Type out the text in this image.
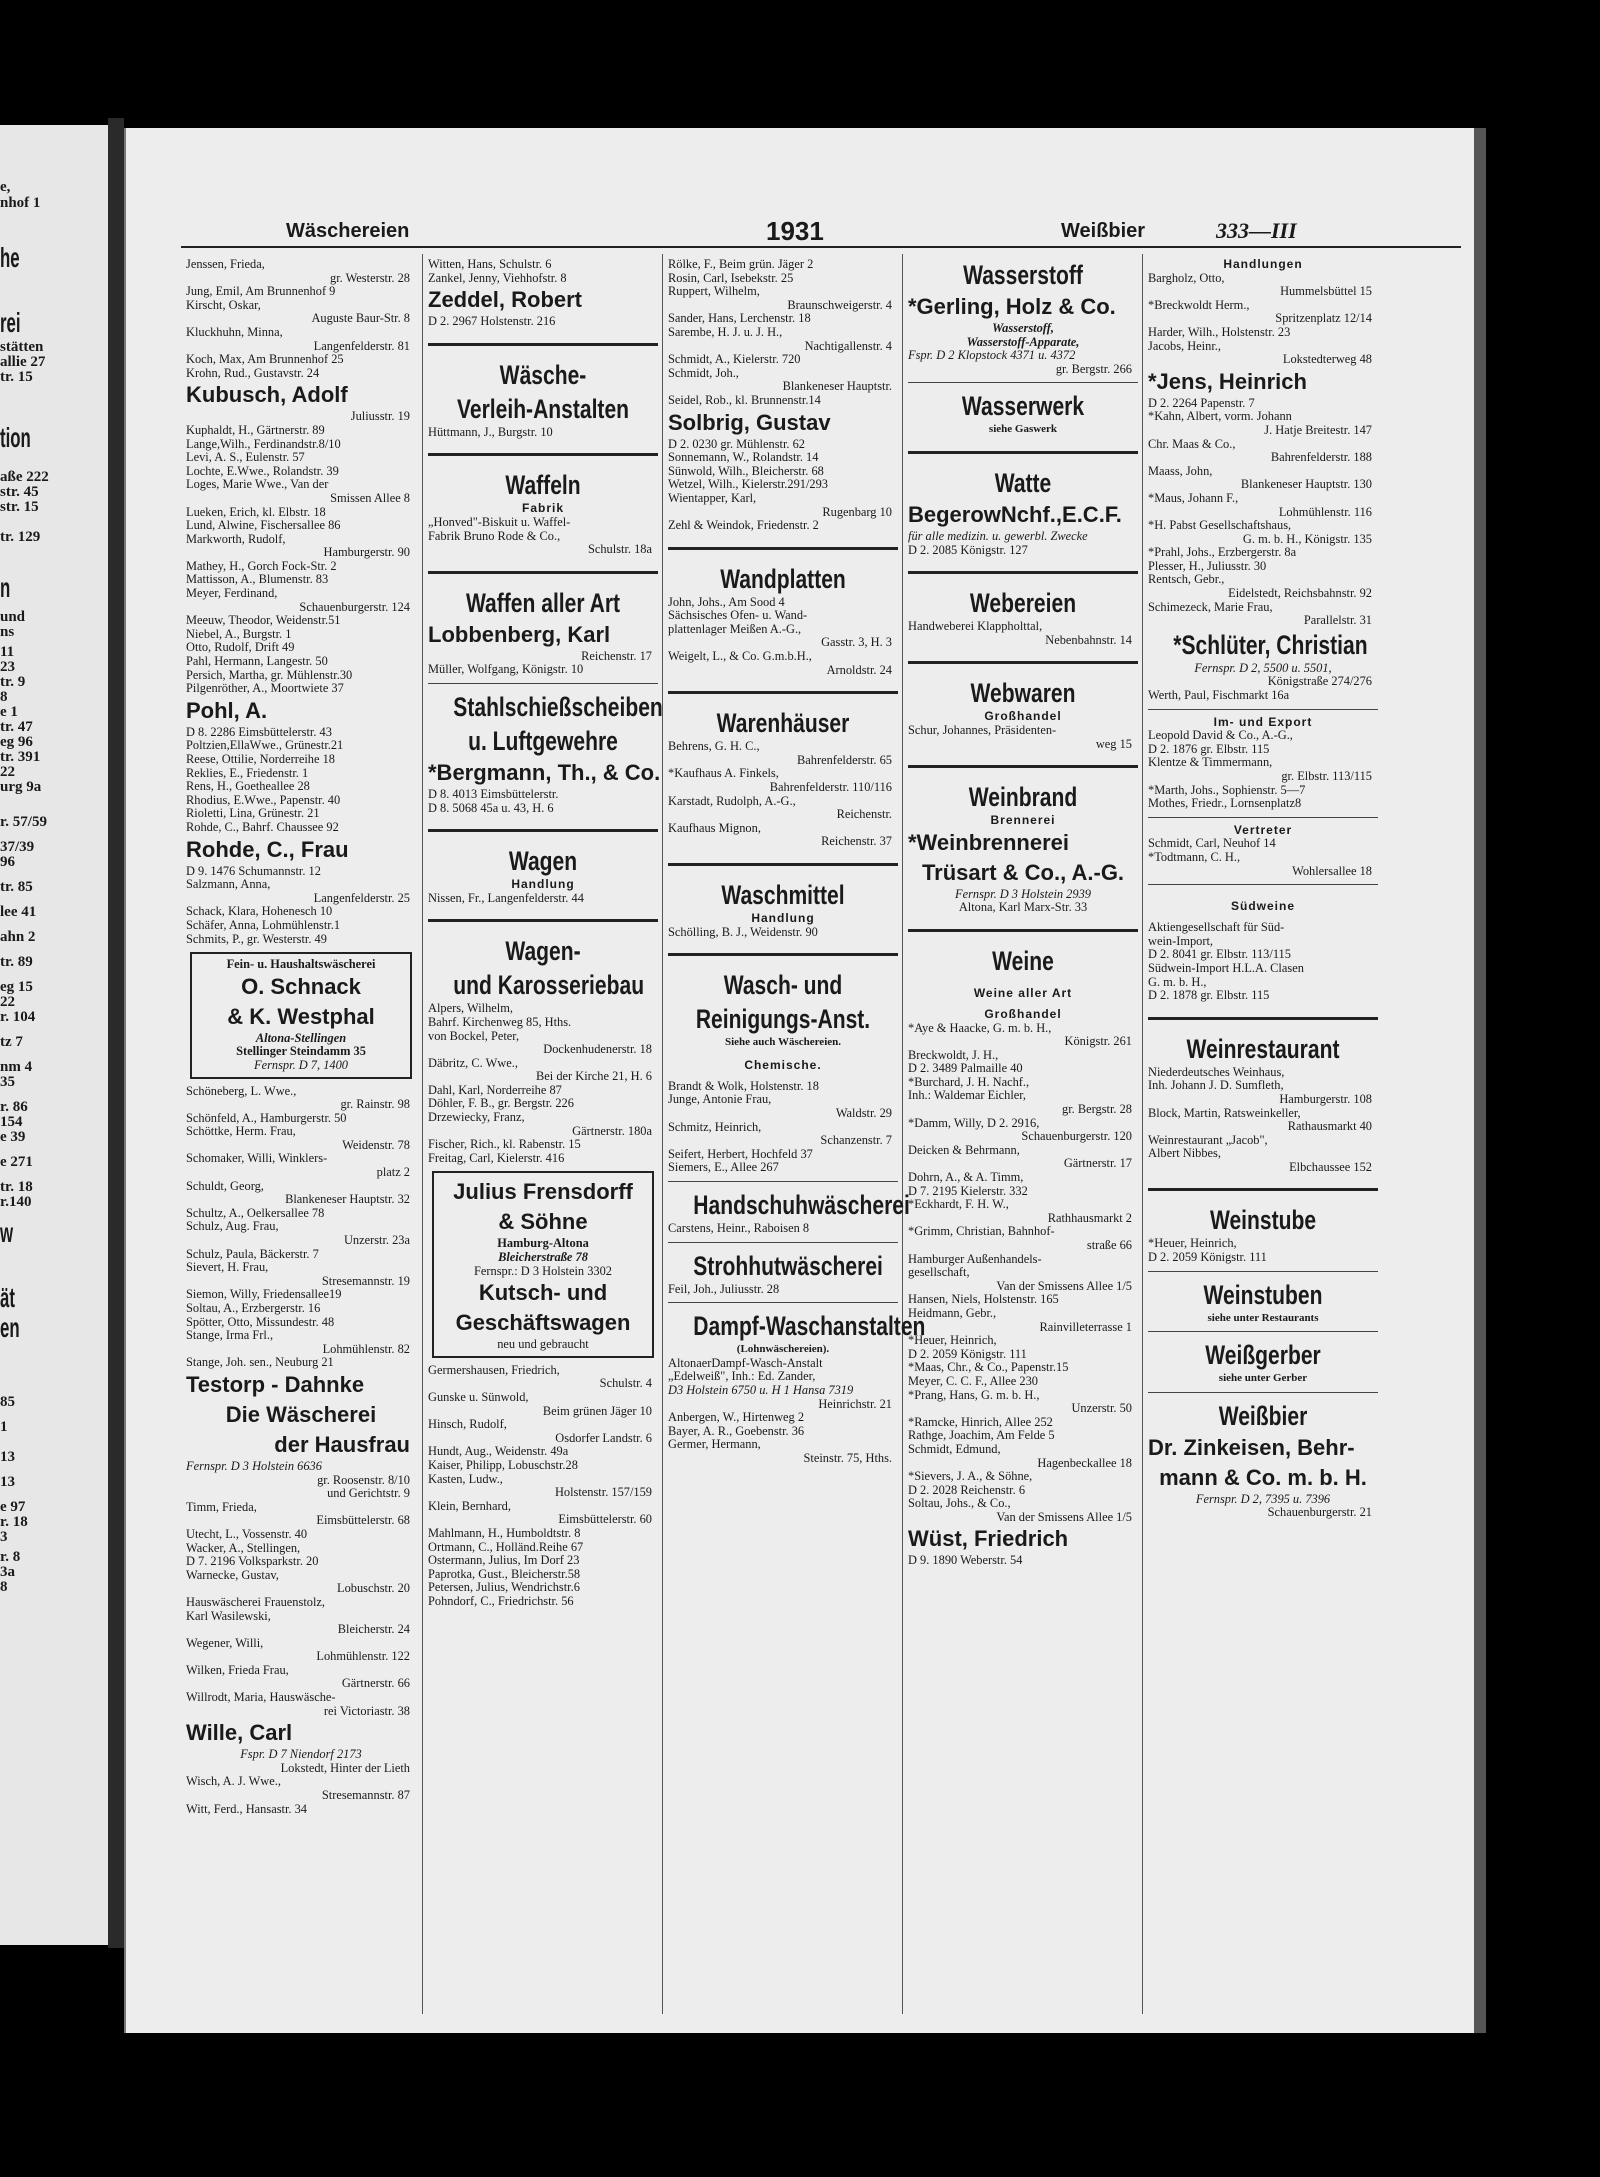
e,
nhof 1
he
rei
stätten
allie 27
tr. 15
tion
aße 222
str. 45
str. 15
tr. 129
n
und
ns
11
23
tr. 9
8
e 1
tr. 47
eg 96
tr. 391
22
urg 9a
r. 57/59
37/39
96
tr. 85
lee 41
ahn 2
tr. 89
eg 15
22
r. 104
tz 7
nm 4
35
r. 86
154
e 39
e 271
tr. 18
r.140
w
ät
en
85
1
13
13
e 97
r. 18
3
r. 8
3a
8
Wäschereien	1931	Weißbier	333—III
Jenssen, Frieda,
gr. Westerstr. 28
Jung, Emil, Am Brunnenhof 9
Kirscht, Oskar,
Auguste Baur-Str. 8
Kluckhuhn, Minna,
Langenfelderstr. 81
Koch, Max, Am Brunnenhof 25
Krohn, Rud., Gustavstr. 24
Kubusch, Adolf
Juliusstr. 19
Kuphaldt, H., Gärtnerstr. 89
Lange,Wilh., Ferdinandstr.8/10
Levi, A. S., Eulenstr. 57
Lochte, E.Wwe., Rolandstr. 39
Loges, Marie Wwe., Van der
Smissen Allee 8
Lueken, Erich, kl. Elbstr. 18
Lund, Alwine, Fischersallee 86
Markworth, Rudolf,
Hamburgerstr. 90
Mathey, H., Gorch Fock-Str. 2
Mattisson, A., Blumenstr. 83
Meyer, Ferdinand,
Schauenburgerstr. 124
Meeuw, Theodor, Weidenstr.51
Niebel, A., Burgstr. 1
Otto, Rudolf, Drift 49
Pahl, Hermann, Langestr. 50
Persich, Martha, gr. Mühlenstr.30
Pilgenröther, A., Moortwiete 37
Pohl, A.
D 8. 2286 Eimsbüttelerstr. 43
Poltzien,EllaWwe., Grünestr.21
Reese, Ottilie, Norderreihe 18
Reklies, E., Friedenstr. 1
Rens, H., Goetheallee 28
Rhodius, E.Wwe., Papenstr. 40
Rioletti, Lina, Grünestr. 21
Rohde, C., Bahrf. Chaussee 92
Rohde, C., Frau
D 9. 1476 Schumannstr. 12
Salzmann, Anna,
Langenfelderstr. 25
Schack, Klara, Hohenesch 10
Schäfer, Anna, Lohmühlenstr.1
Schmits, P., gr. Westerstr. 49
Fein- u. Haushaltswäscherei
O. Schnack
& K. Westphal
Altona-Stellingen
Stellinger Steindamm 35
Fernspr. D 7, 1400
Schöneberg, L. Wwe.,
gr. Rainstr. 98
Schönfeld, A., Hamburgerstr. 50
Schöttke, Herm. Frau,
Weidenstr. 78
Schomaker, Willi, Winklers-
platz 2
Schuldt, Georg,
Blankeneser Hauptstr. 32
Schultz, A., Oelkersallee 78
Schulz, Aug. Frau,
Unzerstr. 23a
Schulz, Paula, Bäckerstr. 7
Sievert, H. Frau,
Stresemannstr. 19
Siemon, Willy, Friedensallee19
Soltau, A., Erzbergerstr. 16
Spötter, Otto, Missundestr. 48
Stange, Irma Frl.,
Lohmühlenstr. 82
Stange, Joh. sen., Neuburg 21
Testorp - Dahnke
Die Wäscherei
der Hausfrau
Fernspr. D 3 Holstein 6636
gr. Roosenstr. 8/10
und Gerichtstr. 9
Timm, Frieda,
Eimsbüttelerstr. 68
Utecht, L., Vossenstr. 40
Wacker, A., Stellingen,
D 7. 2196 Volksparkstr. 20
Warnecke, Gustav,
Lobuschstr. 20
Hauswäscherei Frauenstolz,
Karl Wasilewski,
Bleicherstr. 24
Wegener, Willi,
Lohmühlenstr. 122
Wilken, Frieda Frau,
Gärtnerstr. 66
Willrodt, Maria, Hauswäsche-
rei Victoriastr. 38
Wille, Carl
Fspr. D 7 Niendorf 2173
Lokstedt, Hinter der Lieth
Wisch, A. J. Wwe.,
Stresemannstr. 87
Witt, Ferd., Hansastr. 34
Witten, Hans, Schulstr. 6
Zankel, Jenny, Viehhofstr. 8
Zeddel, Robert
D 2. 2967 Holstenstr. 216
Wäsche-
Verleih-Anstalten
Hüttmann, J., Burgstr. 10
Waffeln
Fabrik
„Honved"-Biskuit u. Waffel-
Fabrik Bruno Rode & Co.,
Schulstr. 18a
Waffen aller Art
Lobbenberg, Karl
Reichenstr. 17
Müller, Wolfgang, Königstr. 10
Stahlschießscheiben
u. Luftgewehre
*Bergmann, Th., & Co.
D 8. 4013 Eimsbüttelerstr.
D 8. 5068 45a u. 43, H. 6
Wagen
Handlung
Nissen, Fr., Langenfelderstr. 44
Wagen-
und Karosseriebau
Alpers, Wilhelm,
Bahrf. Kirchenweg 85, Hths.
von Bockel, Peter,
Dockenhudenerstr. 18
Däbritz, C. Wwe.,
Bei der Kirche 21, H. 6
Dahl, Karl, Norderreihe 87
Döhler, F. B., gr. Bergstr. 226
Drzewiecky, Franz,
Gärtnerstr. 180a
Fischer, Rich., kl. Rabenstr. 15
Freitag, Carl, Kielerstr. 416
Julius Frensdorff
& Söhne
Hamburg-Altona
Bleicherstraße 78
Fernspr.: D 3 Holstein 3302
Kutsch- und
Geschäftswagen
neu und gebraucht
Germershausen, Friedrich,
Schulstr. 4
Gunske u. Sünwold,
Beim grünen Jäger 10
Hinsch, Rudolf,
Osdorfer Landstr. 6
Hundt, Aug., Weidenstr. 49a
Kaiser, Philipp, Lobuschstr.28
Kasten, Ludw.,
Holstenstr. 157/159
Klein, Bernhard,
Eimsbüttelerstr. 60
Mahlmann, H., Humboldtstr. 8
Ortmann, C., Holländ.Reihe 67
Ostermann, Julius, Im Dorf 23
Paprotka, Gust., Bleicherstr.58
Petersen, Julius, Wendrichstr.6
Pohndorf, C., Friedrichstr. 56
Rölke, F., Beim grün. Jäger 2
Rosin, Carl, Isebekstr. 25
Ruppert, Wilhelm,
Braunschweigerstr. 4
Sander, Hans, Lerchenstr. 18
Sarembe, H. J. u. J. H.,
Nachtigallenstr. 4
Schmidt, A., Kielerstr. 720
Schmidt, Joh.,
Blankeneser Hauptstr.
Seidel, Rob., kl. Brunnenstr.14
Solbrig, Gustav
D 2. 0230 gr. Mühlenstr. 62
Sonnemann, W., Rolandstr. 14
Sünwold, Wilh., Bleicherstr. 68
Wetzel, Wilh., Kielerstr.291/293
Wientapper, Karl,
Rugenbarg 10
Zehl & Weindok, Friedenstr. 2
Wandplatten
John, Johs., Am Sood 4
Sächsisches Ofen- u. Wand-
plattenlager Meißen A.-G.,
Gasstr. 3, H. 3
Weigelt, L., & Co. G.m.b.H.,
Arnoldstr. 24
Warenhäuser
Behrens, G. H. C.,
Bahrenfelderstr. 65
*Kaufhaus A. Finkels,
Bahrenfelderstr. 110/116
Karstadt, Rudolph, A.-G.,
Reichenstr.
Kaufhaus Mignon,
Reichenstr. 37
Waschmittel
Handlung
Schölling, B. J., Weidenstr. 90
Wasch- und
Reinigungs-Anst.
Siehe auch Wäschereien.
Chemische.
Brandt & Wolk, Holstenstr. 18
Junge, Antonie Frau,
Waldstr. 29
Schmitz, Heinrich,
Schanzenstr. 7
Seifert, Herbert, Hochfeld 37
Siemers, E., Allee 267
Handschuhwäscherei
Carstens, Heinr., Raboisen 8
Strohhutwäscherei
Feil, Joh., Juliusstr. 28
Dampf-Waschanstalten
(Lohnwäschereien).
AltonaerDampf-Wasch-Anstalt
„Edelweiß", Inh.: Ed. Zander,
D3 Holstein 6750 u. H 1 Hansa 7319
Heinrichstr. 21
Anbergen, W., Hirtenweg 2
Bayer, A. R., Goebenstr. 36
Germer, Hermann,
Steinstr. 75, Hths.
Wasserstoff
*Gerling, Holz & Co.
Wasserstoff,
Wasserstoff-Apparate,
Fspr. D 2 Klopstock 4371 u. 4372
gr. Bergstr. 266
Wasserwerk
siehe Gaswerk
Watte
BegerowNchf.,E.C.F.
für alle medizin. u. gewerbl. Zwecke
D 2. 2085 Königstr. 127
Webereien
Handweberei Klappholttal,
Nebenbahnstr. 14
Webwaren
Großhandel
Schur, Johannes, Präsidenten-
weg 15
Weinbrand
Brennerei
*Weinbrennerei
Trüsart & Co., A.-G.
Fernspr. D 3 Holstein 2939
Altona, Karl Marx-Str. 33
Weine
Weine aller Art
Großhandel
*Aye & Haacke, G. m. b. H.,
Königstr. 261
Breckwoldt, J. H.,
D 2. 3489 Palmaille 40
*Burchard, J. H. Nachf.,
Inh.: Waldemar Eichler,
gr. Bergstr. 28
*Damm, Willy, D 2. 2916,
Schauenburgerstr. 120
Deicken & Behrmann,
Gärtnerstr. 17
Dohrn, A., & A. Timm,
D 7. 2195 Kielerstr. 332
*Eckhardt, F. H. W.,
Rathhausmarkt 2
*Grimm, Christian, Bahnhof-
straße 66
Hamburger Außenhandels-
gesellschaft,
Van der Smissens Allee 1/5
Hansen, Niels, Holstenstr. 165
Heidmann, Gebr.,
Rainvilleterrasse 1
*Heuer, Heinrich,
D 2. 2059 Königstr. 111
*Maas, Chr., & Co., Papenstr.15
Meyer, C. C. F., Allee 230
*Prang, Hans, G. m. b. H.,
Unzerstr. 50
*Ramcke, Hinrich, Allee 252
Rathge, Joachim, Am Felde 5
Schmidt, Edmund,
Hagenbeckallee 18
*Sievers, J. A., & Söhne,
D 2. 2028 Reichenstr. 6
Soltau, Johs., & Co.,
Van der Smissens Allee 1/5
Wüst, Friedrich
D 9. 1890 Weberstr. 54
Handlungen
Bargholz, Otto,
Hummelsbüttel 15
*Breckwoldt Herm.,
Spritzenplatz 12/14
Harder, Wilh., Holstenstr. 23
Jacobs, Heinr.,
Lokstedterweg 48
*Jens, Heinrich
D 2. 2264 Papenstr. 7
*Kahn, Albert, vorm. Johann
J. Hatje Breitestr. 147
Chr. Maas & Co.,
Bahrenfelderstr. 188
Maass, John,
Blankeneser Hauptstr. 130
*Maus, Johann F.,
Lohmühlenstr. 116
*H. Pabst Gesellschaftshaus,
G. m. b. H., Königstr. 135
*Prahl, Johs., Erzbergerstr. 8a
Plesser, H., Juliusstr. 30
Rentsch, Gebr.,
Eidelstedt, Reichsbahnstr. 92
Schimezeck, Marie Frau,
Parallelstr. 31
*Schlüter, Christian
Fernspr. D 2, 5500 u. 5501,
Königstraße 274/276
Werth, Paul, Fischmarkt 16a
Im- und Export
Leopold David & Co., A.-G.,
D 2. 1876 gr. Elbstr. 115
Klentze & Timmermann,
gr. Elbstr. 113/115
*Marth, Johs., Sophienstr. 5—7
Mothes, Friedr., Lornsenplatz8
Vertreter
Schmidt, Carl, Neuhof 14
*Todtmann, C. H.,
Wohlersallee 18
Südweine
Aktiengesellschaft für Süd-
wein-Import,
D 2. 8041 gr. Elbstr. 113/115
Südwein-Import H.L.A. Clasen
G. m. b. H.,
D 2. 1878 gr. Elbstr. 115
Weinrestaurant
Niederdeutsches Weinhaus,
Inh. Johann J. D. Sumfleth,
Hamburgerstr. 108
Block, Martin, Ratsweinkeller,
Rathausmarkt 40
Weinrestaurant „Jacob",
Albert Nibbes,
Elbchaussee 152
Weinstube
*Heuer, Heinrich,
D 2. 2059 Königstr. 111
Weinstuben
siehe unter Restaurants
Weißgerber
siehe unter Gerber
Weißbier
Dr. Zinkeisen, Behr-
mann & Co. m. b. H.
Fernspr. D 2, 7395 u. 7396
Schauenburgerstr. 21
